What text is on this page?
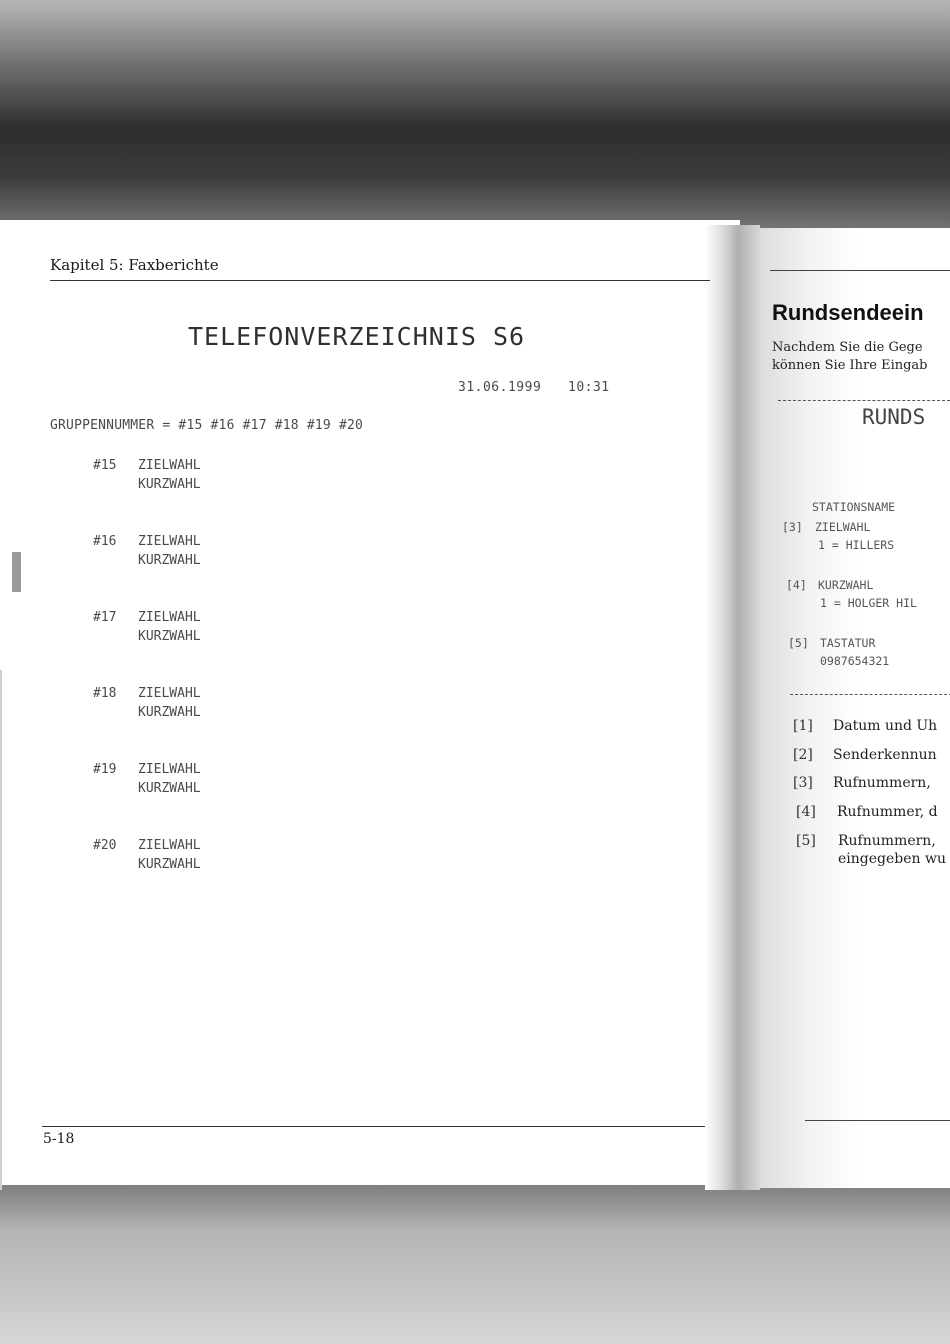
Kapitel 5: Faxberichte
TELEFONVERZEICHNIS S6
31.06.1999 10:31
GRUPPENNUMMER = #15 #16 #17 #18 #19 #20
#15 ZIELWAHL
KURZWAHL
#16 ZIELWAHL
KURZWAHL
#17 ZIELWAHL
KURZWAHL
#18 ZIELWAHL
KURZWAHL
#19 ZIELWAHL
KURZWAHL
#20 ZIELWAHL
KURZWAHL
5-18
Rundsendeein
Nachdem Sie die Gege
können Sie Ihre Eingab
RUNDS
STATIONSNAME
[3] ZIELWAHL
1 = HILLERS
[4] KURZWAHL
1 = HOLGER HIL
[5] TASTATUR
0987654321
[1] Datum und Uh
[2] Senderkennun
[3] Rufnummern,
[4] Rufnummer, d
[5] Rufnummern,
eingegeben wu
